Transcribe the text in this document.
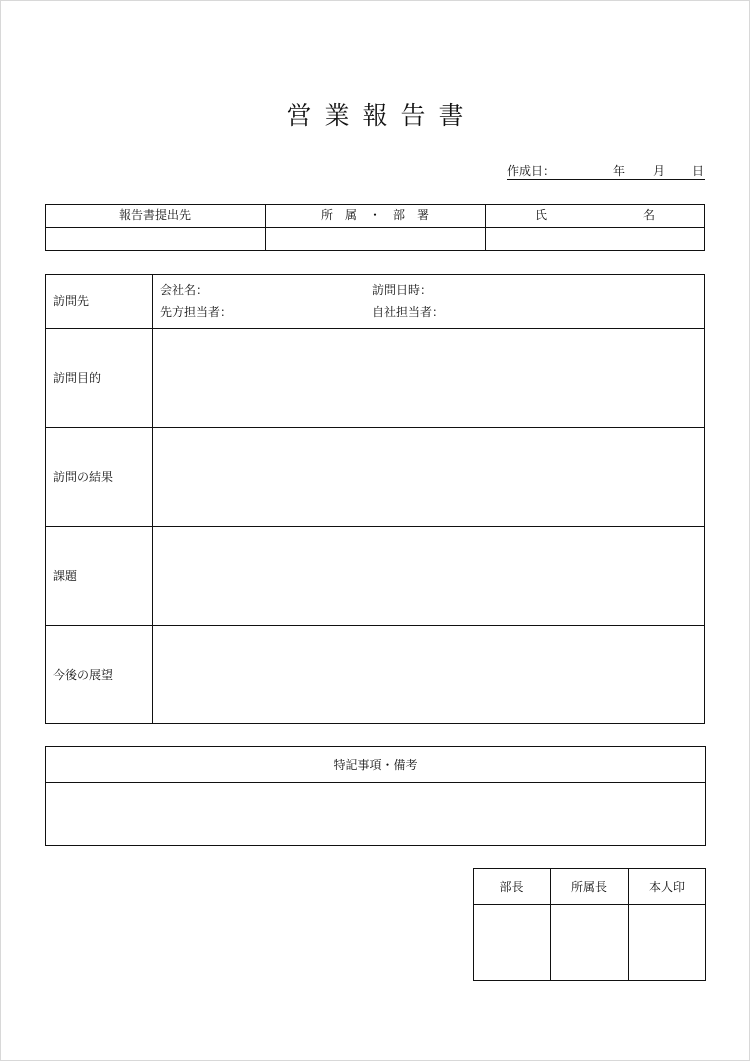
営業報告書
作成日：	年 月 日
報告書提出先	所　属　・　部　署	氏　　　　　　　　名
訪問先
会社名：	訪問日時：
先方担当者：	自社担当者：
訪問目的
訪問の結果
課題
今後の展望
特記事項・備考
部長	所属長	本人印
